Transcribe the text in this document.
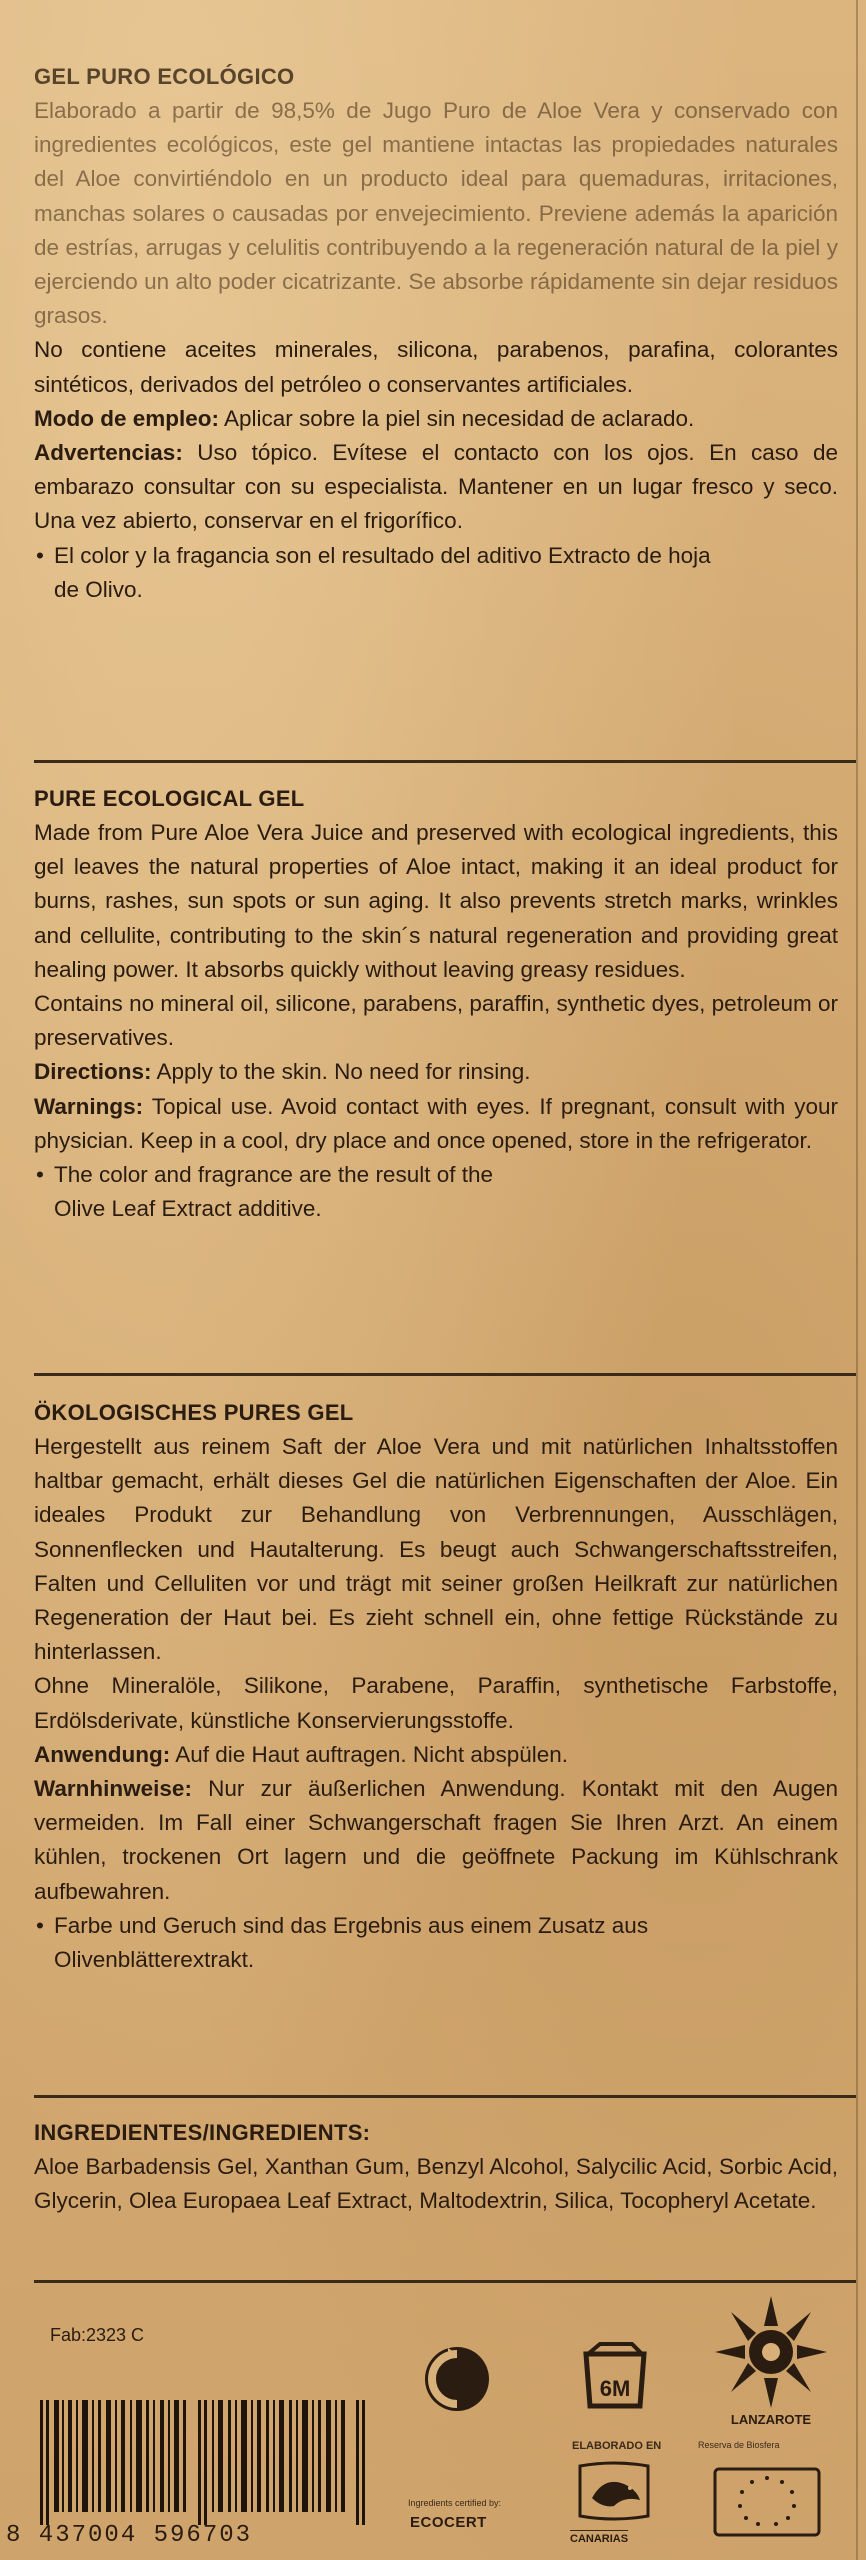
GEL PURO ECOLÓGICO

Elaborado a partir de 98,5% de Jugo Puro de Aloe Vera y conservado con ingredientes ecológicos, este gel mantiene intactas las propiedades naturales del Aloe convirtiéndolo en un producto ideal para quemaduras, irritaciones, manchas solares o causadas por envejecimiento. Previene además la aparición de estrías, arrugas y celulitis contribuyendo a la regeneración natural de la piel y ejerciendo un alto poder cicatrizante. Se absorbe rápidamente sin dejar residuos grasos.

No contiene aceites minerales, silicona, parabenos, parafina, colorantes sintéticos, derivados del petróleo o conservantes artificiales.

Modo de empleo: Aplicar sobre la piel sin necesidad de aclarado.

Advertencias: Uso tópico. Evítese el contacto con los ojos. En caso de embarazo consultar con su especialista. Mantener en un lugar fresco y seco. Una vez abierto, conservar en el frigorífico.

• El color y la fragancia son el resultado del aditivo Extracto de hoja de Olivo.

PURE ECOLOGICAL GEL

Made from Pure Aloe Vera Juice and preserved with ecological ingredients, this gel leaves the natural properties of Aloe intact, making it an ideal product for burns, rashes, sun spots or sun aging. It also prevents stretch marks, wrinkles and cellulite, contributing to the skin´s natural regeneration and providing great healing power. It absorbs quickly without leaving greasy residues.

Contains no mineral oil, silicone, parabens, paraffin, synthetic dyes, petroleum or preservatives.

Directions: Apply to the skin. No need for rinsing.

Warnings: Topical use. Avoid contact with eyes. If pregnant, consult with your physician. Keep in a cool, dry place and once opened, store in the refrigerator.

• The color and fragrance are the result of the

Olive Leaf Extract additive.

ÖKOLOGISCHES PURES GEL

Hergestellt aus reinem Saft der Aloe Vera und mit natürlichen Inhaltsstoffen haltbar gemacht, erhält dieses Gel die natürlichen Eigenschaften der Aloe. Ein ideales Produkt zur Behandlung von Verbrennungen, Ausschlägen, Sonnenflecken und Hautalterung. Es beugt auch Schwangerschaftsstreifen, Falten und Celluliten vor und trägt mit seiner großen Heilkraft zur natürlichen Regeneration der Haut bei. Es zieht schnell ein, ohne fettige Rückstände zu hinterlassen.

Ohne Mineralöle, Silikone, Parabene, Paraffin, synthetische Farbstoffe, Erdölsderivate, künstliche Konservierungsstoffe.

Anwendung: Auf die Haut auftragen. Nicht abspülen.

Warnhinweise: Nur zur äußerlichen Anwendung. Kontakt mit den Augen vermeiden. Im Fall einer Schwangerschaft fragen Sie Ihren Arzt. An einem kühlen, trockenen Ort lagern und die geöffnete Packung im Kühlschrank aufbewahren.

• Farbe und Geruch sind das Ergebnis aus einem Zusatz aus Olivenblätterextrakt.

INGREDIENTES/INGREDIENTS:

Aloe Barbadensis Gel, Xanthan Gum, Benzyl Alcohol, Salycilic Acid, Sorbic Acid, Glycerin, Olea Europaea Leaf Extract, Maltodextrin, Silica, Tocopheryl Acetate.

Fab:2323 C
8 437004 596703
Ingredients certified by:
ECOCERT
6M
ELABORADO EN
CANARIAS
LANZAROTE
Reserva de Biosfera
